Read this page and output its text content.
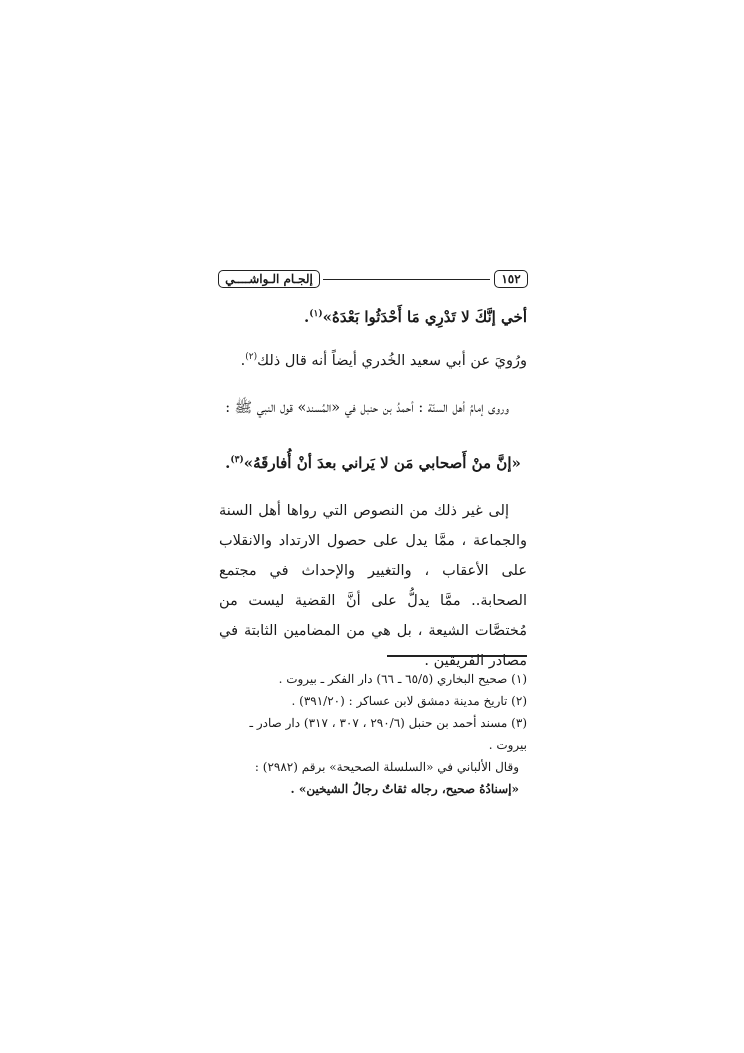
إلجـام الـواشــــي	١٥٢
أخي إنَّكَ لا تَدْرِي مَا أَحْدَثُوا بَعْدَهُ»$^{(١)}$.
ورُويَ عن أبي سعيد الخُدري أيضاً أنه قال ذلك$^{(٢)}$.
وروى إمامُ أهل السنّة : أحمدُ بن حنبل في «المُسند» قول النبي ﷺ :
«إنَّ منْ أَصحابي مَن لا يَراني بعدَ أنْ أُفارقَهُ»$^{(٣)}$.
إلى غير ذلك من النصوص التي رواها أهل السنة والجماعة ، ممَّا يدل على حصول الارتداد والانقلاب على الأعقاب ، والتغيير والإحداث في مجتمع الصحابة.. ممَّا يدلُّ على أنَّ القضية ليست من مُختصَّات الشيعة ، بل هي من المضامين الثابتة في مصادر الفريقين .
(١) صحيح البخاري (٦٥/٥ ـ ٦٦) دار الفكر ـ بيروت .
(٢) تاريخ مدينة دمشق لابن عساكر : (٣٩١/٢٠) .
(٣) مسند أحمد بن حنبل (٢٩٠/٦ ، ٣٠٧ ، ٣١٧) دار صادر ـ بيروت .
وقال الألباني في «السلسلة الصحيحة» برقم (٢٩٨٢) : «إسنادُهُ صحيح، رجاله ثقاتٌ رجالُ الشيخين» .
